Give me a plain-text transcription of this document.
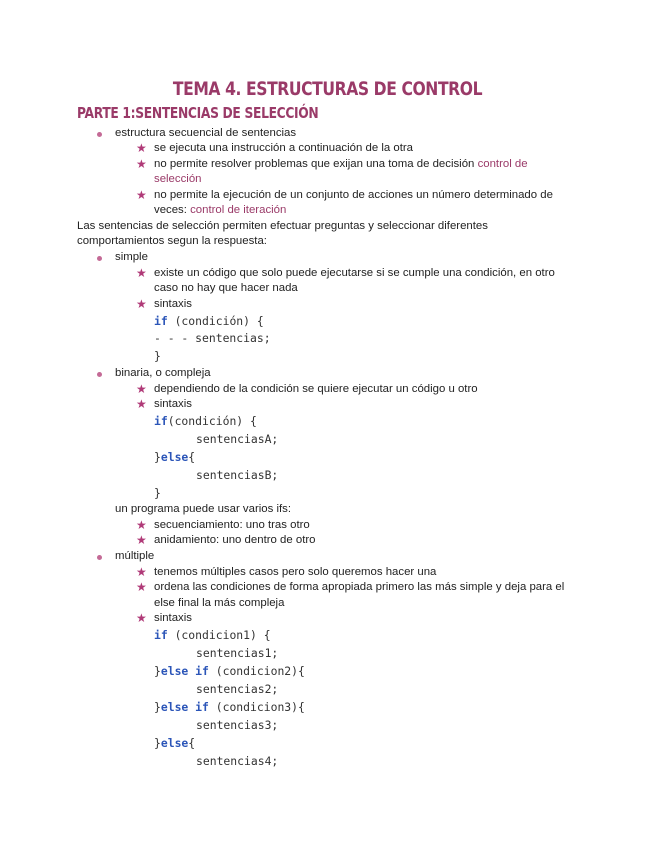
TEMA 4. ESTRUCTURAS DE CONTROL
PARTE 1:SENTENCIAS DE SELECCIÓN
estructura secuencial de sentencias
★ se ejecuta una instrucción a continuación de la otra
★ no permite resolver problemas que exijan una toma de decisión control de
selección
★ no permite la ejecución de un conjunto de acciones un número determinado de
veces: control de iteración
Las sentencias de selección permiten efectuar preguntas y seleccionar diferentes
comportamientos segun la respuesta:
simple
★ existe un código que solo puede ejecutarse si se cumple una condición, en otro
caso no hay que hacer nada
★ sintaxis
if (condición) {
- - - sentencias;
}
binaria, o compleja
★ dependiendo de la condición se quiere ejecutar un código u otro
★ sintaxis
if(condición) {
sentenciasA;
}else{
sentenciasB;
}
un programa puede usar varios ifs:
★ secuenciamiento: uno tras otro
★ anidamiento: uno dentro de otro
múltiple
★ tenemos múltiples casos pero solo queremos hacer una
★ ordena las condiciones de forma apropiada primero las más simple y deja para el
else final la más compleja
★ sintaxis
if (condicion1) {
sentencias1;
}else if (condicion2){
sentencias2;
}else if (condicion3){
sentencias3;
}else{
sentencias4;
